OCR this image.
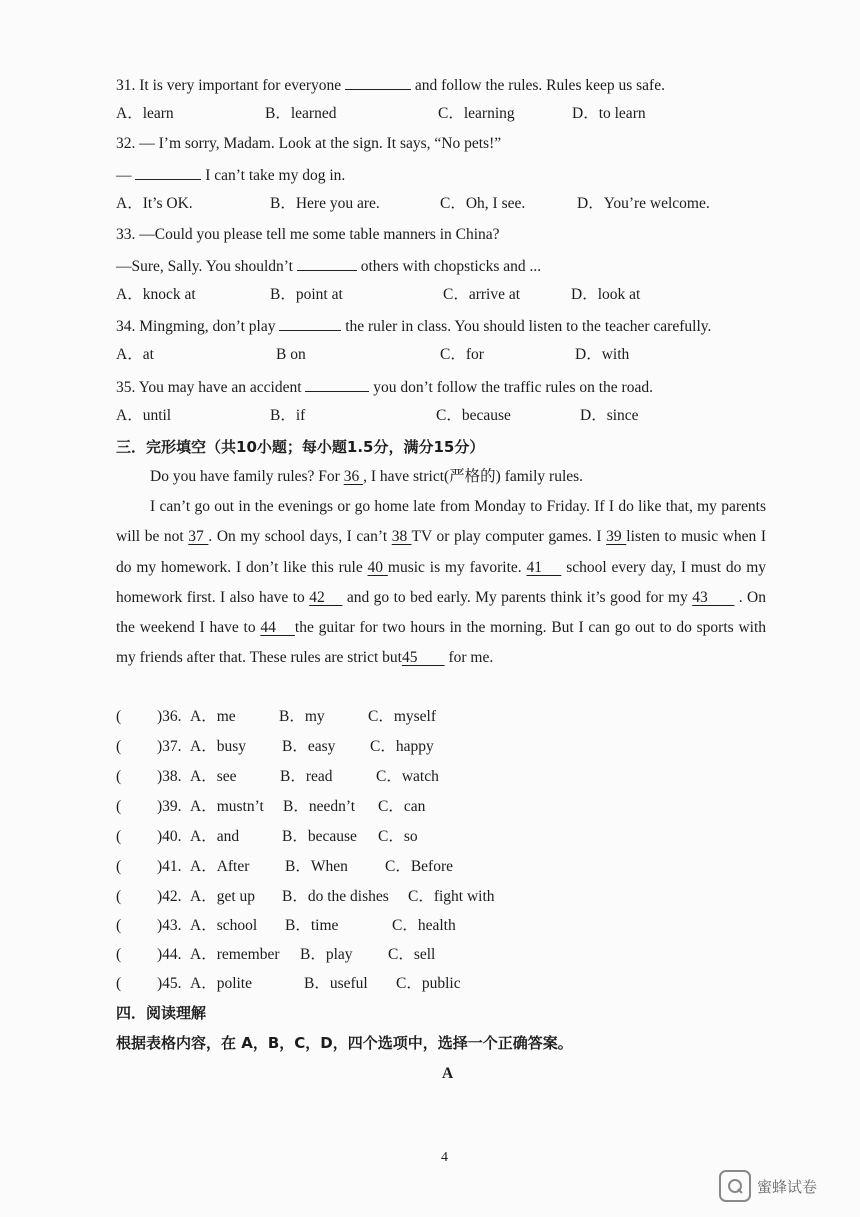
31. It is very important for everyone	and follow the rules. Rules keep us safe.
A．learn	B．learned	C．learning	D．to learn
32. — I’m sorry, Madam. Look at the sign. It says, “No pets!”
—	I can’t take my dog in.
A．It’s OK.	B．Here you are.	C．Oh, I see.	D．You’re welcome.
33. —Could you please tell me some table manners in China?
—Sure, Sally. You shouldn’t	others with chopsticks and ...
A．knock at	B．point at	C．arrive at	D．look at
34. Mingming, don’t play	the ruler in class. You should listen to the teacher carefully.
A．at	B on	C．for	D．with
35. You may have an accident	you don’t follow the traffic rules on the road.
A．until	B．if	C．because	D．since
三．完形填空（共10小题；每小题1.5分，满分15分）
Do you have family rules? For 36 , I have strict(严格的) family rules.
I can’t go out in the evenings or go home late from Monday to Friday. If I do like that, my parents will be not 37 . On my school days, I can’t 38 TV or play computer games. I 39 listen to music when I do my homework. I don’t like this rule 40 music is my favorite. 41     school every day, I must do my homework first. I also have to 42     and go to bed early. My parents think it’s good for my 43       . On the weekend I have to 44    the guitar for two hours in the morning. But I can go out to do sports with my friends after that. These rules are strict but45        for me.
( )36. A．me	B．my	C．myself
( )37. A．busy B．easy C．happy
( )38. A．see	B．read	C．watch
( )39. A．mustn’t B．needn’t C．can
( )40. A．and	B．because C．so
( )41. A．After B．When C．Before
( )42. A．get up B．do the dishes C．fight with
( )43. A．school B．time	C．health
( )44. A．remember B．play C．sell
( )45. A．polite	B．useful C．public
四．阅读理解
根据表格内容，在 A，B，C，D，四个选项中，选择一个正确答案。
A
4
蜜蜂试卷
